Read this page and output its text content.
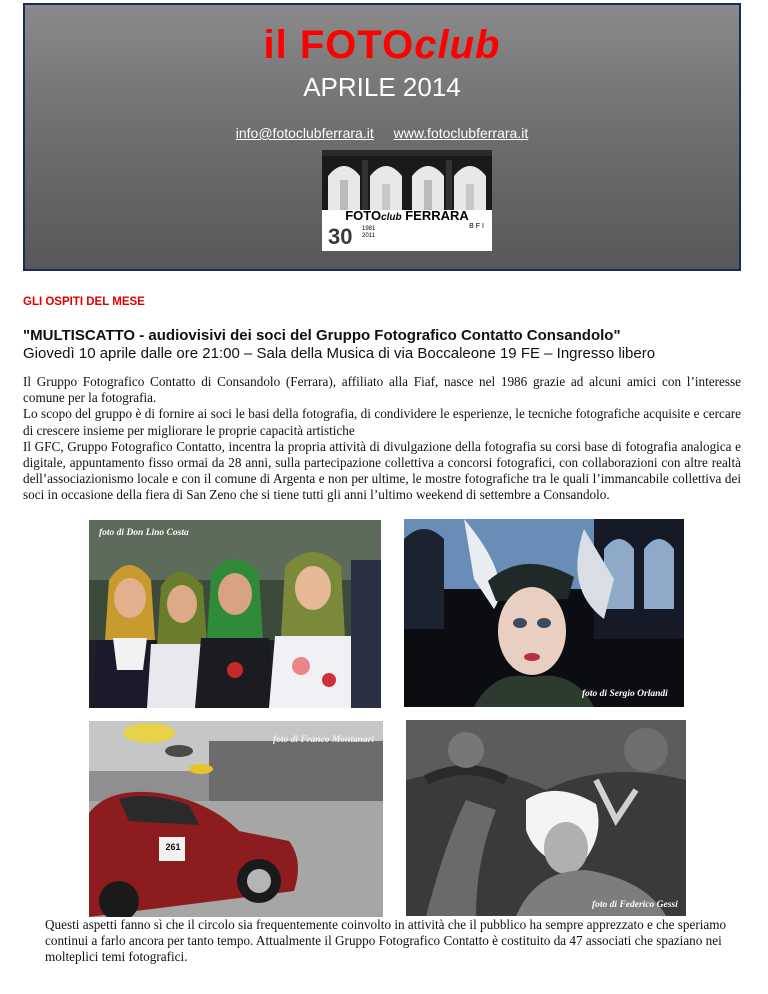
il FOTOclub
APRILE 2014
info@fotoclubferrara.it www.fotoclubferrara.it
FOTOclub FERRARA
BFI
30 1981
2011
GLI OSPITI DEL MESE
"MULTISCATTO - audiovisivi dei soci del Gruppo Fotografico Contatto Consandolo"
Giovedì 10 aprile dalle ore 21:00 – Sala della Musica di via Boccaleone 19 FE – Ingresso libero

Il Gruppo Fotografico Contatto di Consandolo (Ferrara), affiliato alla Fiaf, nasce nel 1986 grazie ad alcuni amici con l’interesse comune per la fotografia.

Lo scopo del gruppo è di fornire ai soci le basi della fotografia, di condividere le esperienze, le tecniche fotografiche acquisite e cercare di crescere insieme per migliorare le proprie capacità artistiche

Il GFC, Gruppo Fotografico Contatto, incentra la propria attività di divulgazione della fotografia su corsi base di fotografia analogica e digitale, appuntamento fisso ormai da 28 anni, sulla partecipazione collettiva a concorsi fotografici, con collaborazioni con altre realtà dell’associazionismo locale e con il comune di Argenta e non per ultime, le mostre fotografiche tra le quali l’immancabile collettiva dei soci in occasione della fiera di San Zeno che si tiene tutti gli anni l’ultimo weekend di settembre a Consandolo.

foto di Don Lino Costa
foto di Sergio Orlandi
foto di Franco Montanari
261
foto di Federico Gessi

Questi aspetti fanno sì che il circolo sia frequentemente coinvolto in attività che il pubblico ha sempre apprezzato e che speriamo continui a farlo ancora per tanto tempo. Attualmente il Gruppo Fotografico Contatto è costituito da 47 associati che spaziano nei molteplici temi fotografici.
